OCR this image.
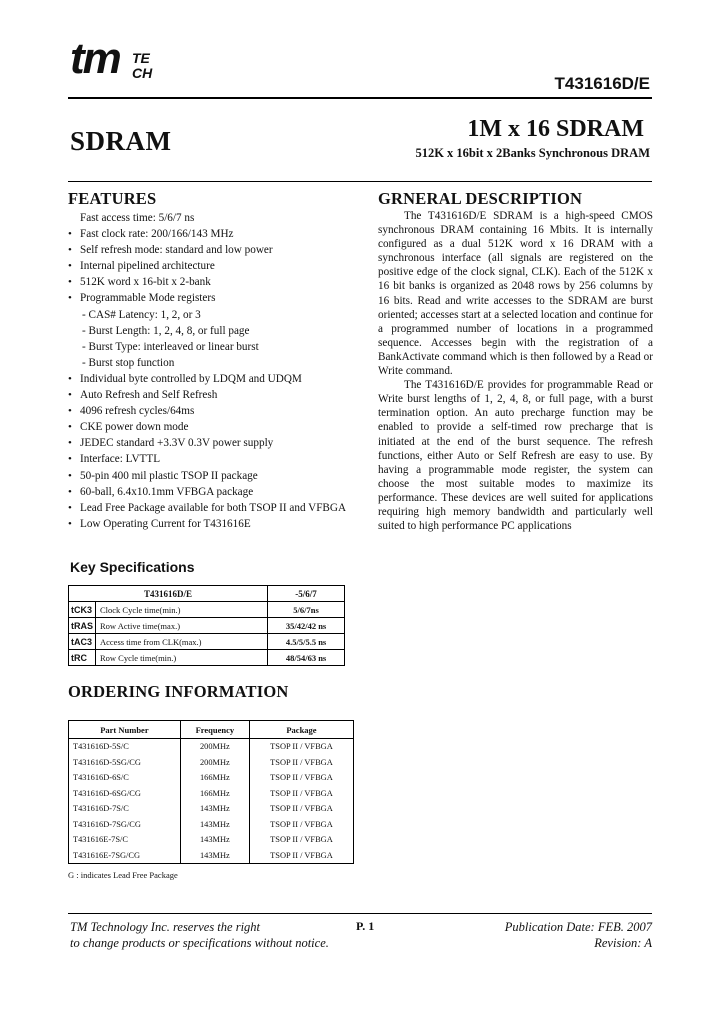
tm TE
CH
T431616D/E
SDRAM	1M x 16 SDRAM
512K x 16bit x 2Banks Synchronous DRAM
FEATURES
Fast access time: 5/6/7 ns
• Fast clock rate: 200/166/143 MHz
• Self refresh mode: standard and low power
• Internal pipelined architecture
• 512K word x 16-bit x 2-bank
• Programmable Mode registers
- CAS# Latency: 1, 2, or 3
- Burst Length: 1, 2, 4, 8, or full page
- Burst Type: interleaved or linear burst
- Burst stop function
• Individual byte controlled by LDQM and UDQM
• Auto Refresh and Self Refresh
• 4096 refresh cycles/64ms
• CKE power down mode
• JEDEC standard +3.3V 0.3V power supply
• Interface: LVTTL
• 50-pin 400 mil plastic TSOP II package
• 60-ball, 6.4x10.1mm VFBGA package
• Lead Free Package available for both TSOP II and VFBGA
• Low Operating Current for T431616E
GRNERAL DESCRIPTION

The T431616D/E SDRAM is a high-speed CMOS synchronous DRAM containing 16 Mbits. It is internally configured as a dual 512K word x 16 DRAM with a synchronous interface (all signals are registered on the positive edge of the clock signal, CLK). Each of the 512K x 16 bit banks is organized as 2048 rows by 256 columns by 16 bits. Read and write accesses to the SDRAM are burst oriented; accesses start at a selected location and continue for a programmed number of locations in a programmed sequence. Accesses begin with the registration of a BankActivate command which is then followed by a Read or Write command.

The T431616D/E provides for programmable Read or Write burst lengths of 1, 2, 4, 8, or full page, with a burst termination option. An auto precharge function may be enabled to provide a self-timed row precharge that is initiated at the end of the burst sequence. The refresh functions, either Auto or Self Refresh are easy to use. By having a programmable mode register, the system can choose the most suitable modes to maximize its performance. These devices are well suited for applications requiring high memory bandwidth and particularly well suited to high performance PC applications

Key Specifications
T431616D/E		-5/6/7
tCK3	Clock Cycle time(min.)	5/6/7ns
tRAS	Row Active time(max.)	35/42/42 ns
tAC3	Access time from CLK(max.)	4.5/5/5.5 ns
tRC	Row Cycle time(min.)	48/54/63 ns
ORDERING INFORMATION
Part Number	Frequency	Package
T431616D-5S/C	200MHz	TSOP II / VFBGA
T431616D-5SG/CG	200MHz	TSOP II / VFBGA
T431616D-6S/C	166MHz	TSOP II / VFBGA
T431616D-6SG/CG	166MHz	TSOP II / VFBGA
T431616D-7S/C	143MHz	TSOP II / VFBGA
T431616D-7SG/CG	143MHz	TSOP II / VFBGA
T431616E-7S/C	143MHz	TSOP II / VFBGA
T431616E-7SG/CG	143MHz	TSOP II / VFBGA
G : indicates Lead Free Package
TM Technology Inc. reserves the right
to change products or specifications without notice.
P. 1	Publication Date: FEB. 2007
Revision: A
